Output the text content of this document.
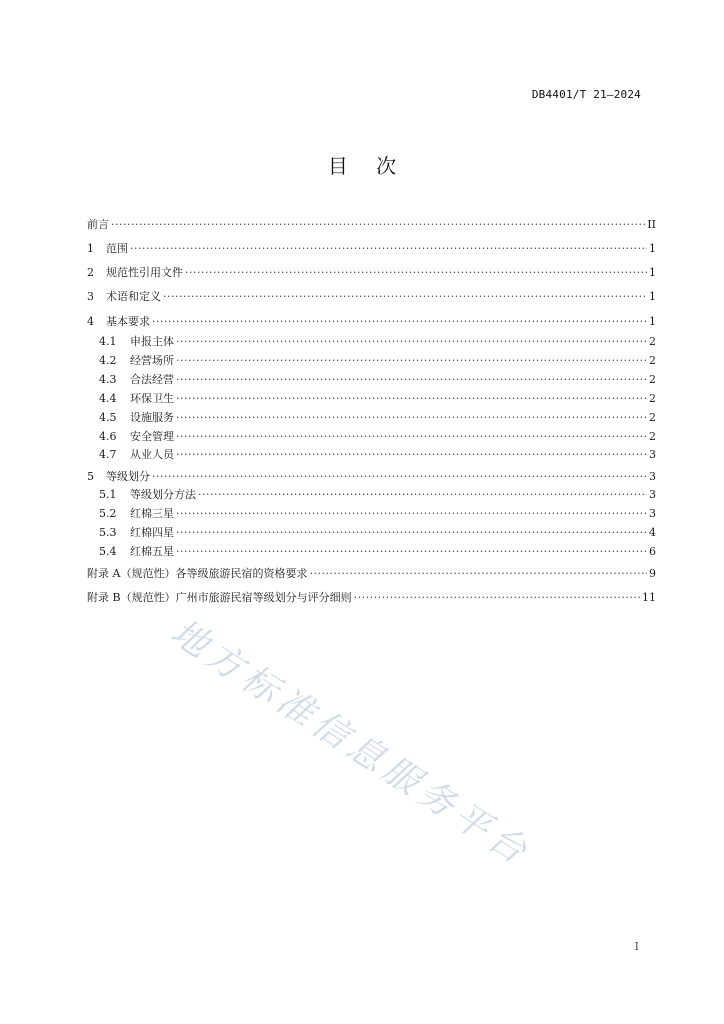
DB4401/T 21—2024
目 次
前言 ·····	II
1	范围 ·····	1
2	规范性引用文件 ·····	1
3	术语和定义 ·····	1
4	基本要求 ·····	1
4.1	申报主体 ·····	2
4.2	经营场所 ·····	2
4.3	合法经营 ·····	2
4.4	环保卫生 ·····	2
4.5	设施服务 ·····	2
4.6	安全管理 ·····	2
4.7	从业人员 ·····	3
5	等级划分 ·····	3
5.1	等级划分方法 ·····	3
5.2	红棉三星 ·····	3
5.3	红棉四星 ·····	4
5.4	红棉五星 ·····	6
附录 A（规范性）各等级旅游民宿的资格要求 ·····	9
附录 B（规范性）广州市旅游民宿等级划分与评分细则 ·····	11
地方标准信息服务平台
I
